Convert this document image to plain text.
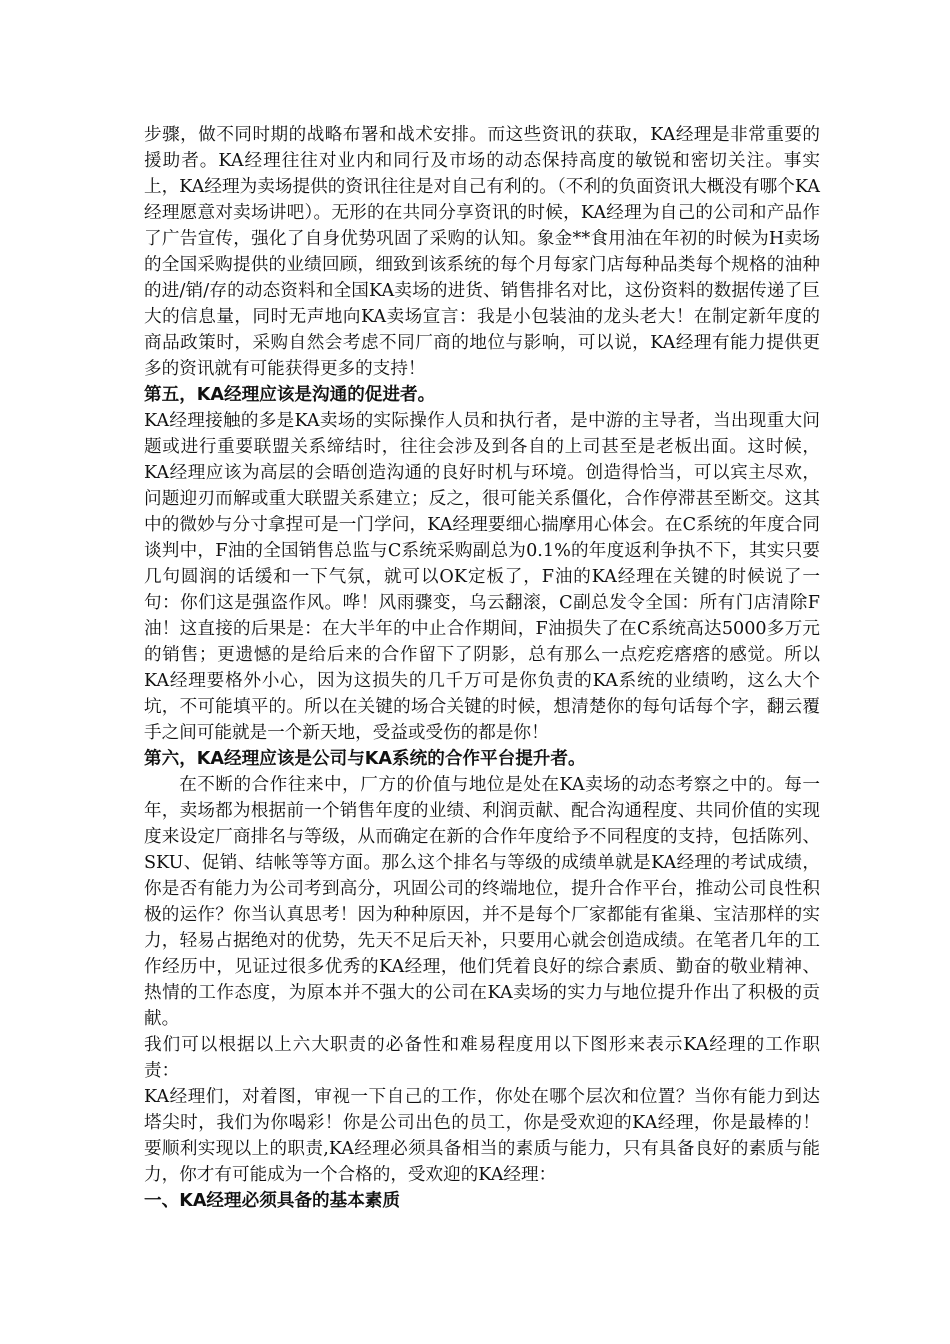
步骤，做不同时期的战略布署和战术安排。而这些资讯的获取，KA经理是非常重要的援助者。KA经理往往对业内和同行及市场的动态保持高度的敏锐和密切关注。事实上，KA经理为卖场提供的资讯往往是对自己有利的。（不利的负面资讯大概没有哪个KA经理愿意对卖场讲吧）。无形的在共同分享资讯的时候，KA经理为自己的公司和产品作了广告宣传，强化了自身优势巩固了采购的认知。象金**食用油在年初的时候为H卖场的全国采购提供的业绩回顾，细致到该系统的每个月每家门店每种品类每个规格的油种的进/销/存的动态资料和全国KA卖场的进货、销售排名对比，这份资料的数据传递了巨大的信息量，同时无声地向KA卖场宣言：我是小包装油的龙头老大！在制定新年度的商品政策时，采购自然会考虑不同厂商的地位与影响，可以说，KA经理有能力提供更多的资讯就有可能获得更多的支持！

第五，KA经理应该是沟通的促进者。

KA经理接触的多是KA卖场的实际操作人员和执行者，是中游的主导者，当出现重大问题或进行重要联盟关系缔结时，往往会涉及到各自的上司甚至是老板出面。这时候，KA经理应该为高层的会晤创造沟通的良好时机与环境。创造得恰当，可以宾主尽欢，问题迎刃而解或重大联盟关系建立；反之，很可能关系僵化，合作停滞甚至断交。这其中的微妙与分寸拿捏可是一门学问，KA经理要细心揣摩用心体会。在C系统的年度合同谈判中，F油的全国销售总监与C系统采购副总为0.1%的年度返利争执不下，其实只要几句圆润的话缓和一下气氛，就可以OK定板了，F油的KA经理在关键的时候说了一句：你们这是强盗作风。哗！风雨骤变，乌云翻滚，C副总发令全国：所有门店清除F油！这直接的后果是：在大半年的中止合作期间，F油损失了在C系统高达5000多万元的销售；更遗憾的是给后来的合作留下了阴影，总有那么一点疙疙瘩瘩的感觉。所以KA经理要格外小心，因为这损失的几千万可是你负责的KA系统的业绩哟，这么大个坑，不可能填平的。所以在关键的场合关键的时候，想清楚你的每句话每个字，翻云覆手之间可能就是一个新天地，受益或受伤的都是你！

第六，KA经理应该是公司与KA系统的合作平台提升者。

在不断的合作往来中，厂方的价值与地位是处在KA卖场的动态考察之中的。每一年，卖场都为根据前一个销售年度的业绩、利润贡献、配合沟通程度、共同价值的实现度来设定厂商排名与等级，从而确定在新的合作年度给予不同程度的支持，包括陈列、SKU、促销、结帐等等方面。那么这个排名与等级的成绩单就是KA经理的考试成绩，你是否有能力为公司考到高分，巩固公司的终端地位，提升合作平台，推动公司良性积极的运作？你当认真思考！因为种种原因，并不是每个厂家都能有雀巢、宝洁那样的实力，轻易占据绝对的优势，先天不足后天补，只要用心就会创造成绩。在笔者几年的工作经历中，见证过很多优秀的KA经理，他们凭着良好的综合素质、勤奋的敬业精神、热情的工作态度，为原本并不强大的公司在KA卖场的实力与地位提升作出了积极的贡献。

我们可以根据以上六大职责的必备性和难易程度用以下图形来表示KA经理的工作职责：

KA经理们，对着图，审视一下自己的工作，你处在哪个层次和位置？当你有能力到达塔尖时，我们为你喝彩！你是公司出色的员工，你是受欢迎的KA经理，你是最棒的！要顺利实现以上的职责,KA经理必须具备相当的素质与能力，只有具备良好的素质与能力，你才有可能成为一个合格的，受欢迎的KA经理：

一、KA经理必须具备的基本素质
